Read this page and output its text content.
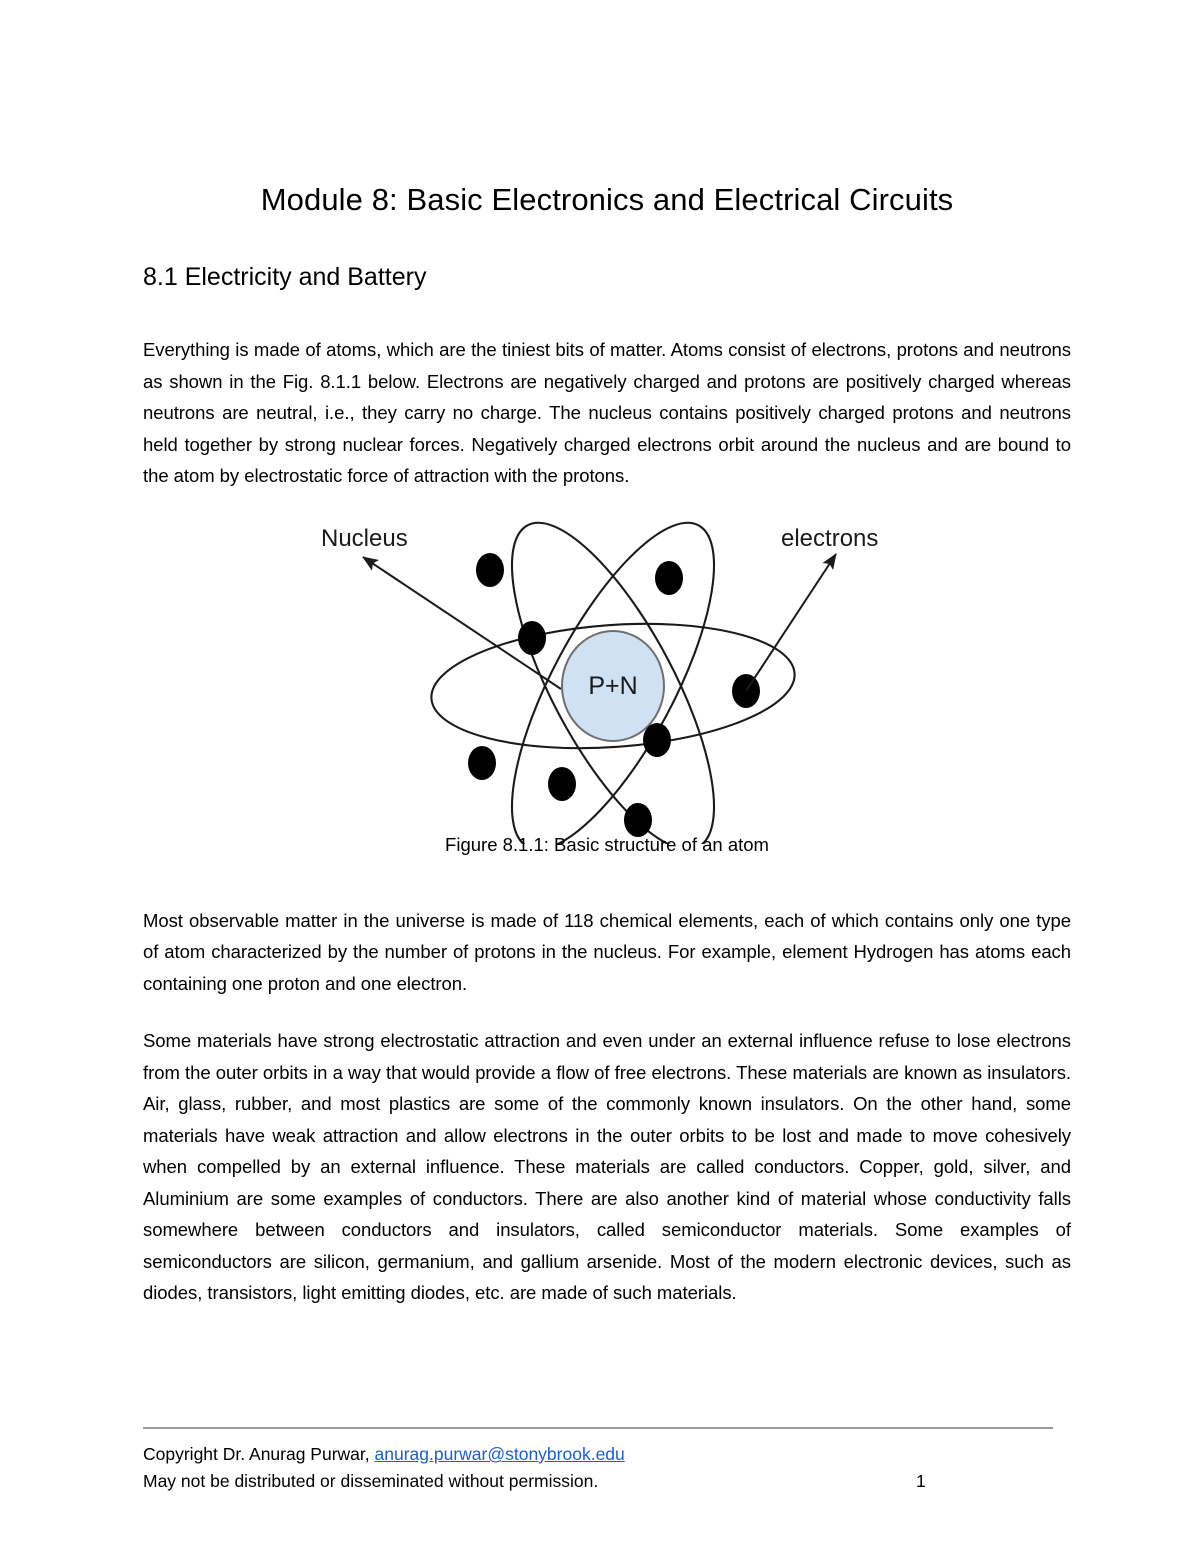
Module 8: Basic Electronics and Electrical Circuits
8.1 Electricity and Battery

Everything is made of atoms, which are the tiniest bits of matter. Atoms consist of electrons, protons and neutrons as shown in the Fig. 8.1.1 below. Electrons are negatively charged and protons are positively charged whereas neutrons are neutral, i.e., they carry no charge. The nucleus contains positively charged protons and neutrons held together by strong nuclear forces. Negatively charged electrons orbit around the nucleus and are bound to the atom by electrostatic force of attraction with the protons.

P+N
Nucleus	electrons
Figure 8.1.1: Basic structure of an atom

Most observable matter in the universe is made of 118 chemical elements, each of which contains only one type of atom characterized by the number of protons in the nucleus. For example, element Hydrogen has atoms each containing one proton and one electron.

Some materials have strong electrostatic attraction and even under an external influence refuse to lose electrons from the outer orbits in a way that would provide a flow of free electrons. These materials are known as insulators. Air, glass, rubber, and most plastics are some of the commonly known insulators. On the other hand, some materials have weak attraction and allow electrons in the outer orbits to be lost and made to move cohesively when compelled by an external influence. These materials are called conductors. Copper, gold, silver, and Aluminium are some examples of conductors. There are also another kind of material whose conductivity falls somewhere between conductors and insulators, called semiconductor materials. Some examples of semiconductors are silicon, germanium, and gallium arsenide. Most of the modern electronic devices, such as diodes, transistors, light emitting diodes, etc. are made of such materials.

Copyright Dr. Anurag Purwar, anurag.purwar@stonybrook.edu
May not be distributed or disseminated without permission.	1
